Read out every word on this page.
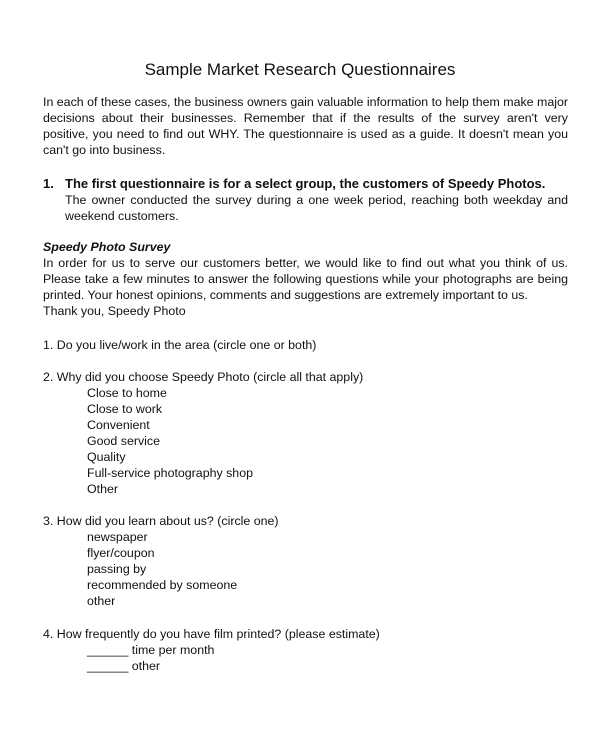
Sample Market Research Questionnaires
In each of these cases, the business owners gain valuable information to help them make major decisions about their businesses. Remember that if the results of the survey aren't very positive, you need to find out WHY. The questionnaire is used as a guide. It doesn't mean you can't go into business.
1. The first questionnaire is for a select group, the customers of Speedy Photos.
The owner conducted the survey during a one week period, reaching both weekday and weekend customers.
Speedy Photo Survey
In order for us to serve our customers better, we would like to find out what you think of us. Please take a few minutes to answer the following questions while your photographs are being printed. Your honest opinions, comments and suggestions are extremely important to us.
Thank you, Speedy Photo

1. Do you live/work in the area (circle one or both)

2. Why did you choose Speedy Photo (circle all that apply)

Close to home
Close to work
Convenient
Good service
Quality
Full-service photography shop
Other

3. How did you learn about us? (circle one)

newspaper
flyer/coupon
passing by
recommended by someone
other

4. How frequently do you have film printed? (please estimate)

______ time per month
______ other
